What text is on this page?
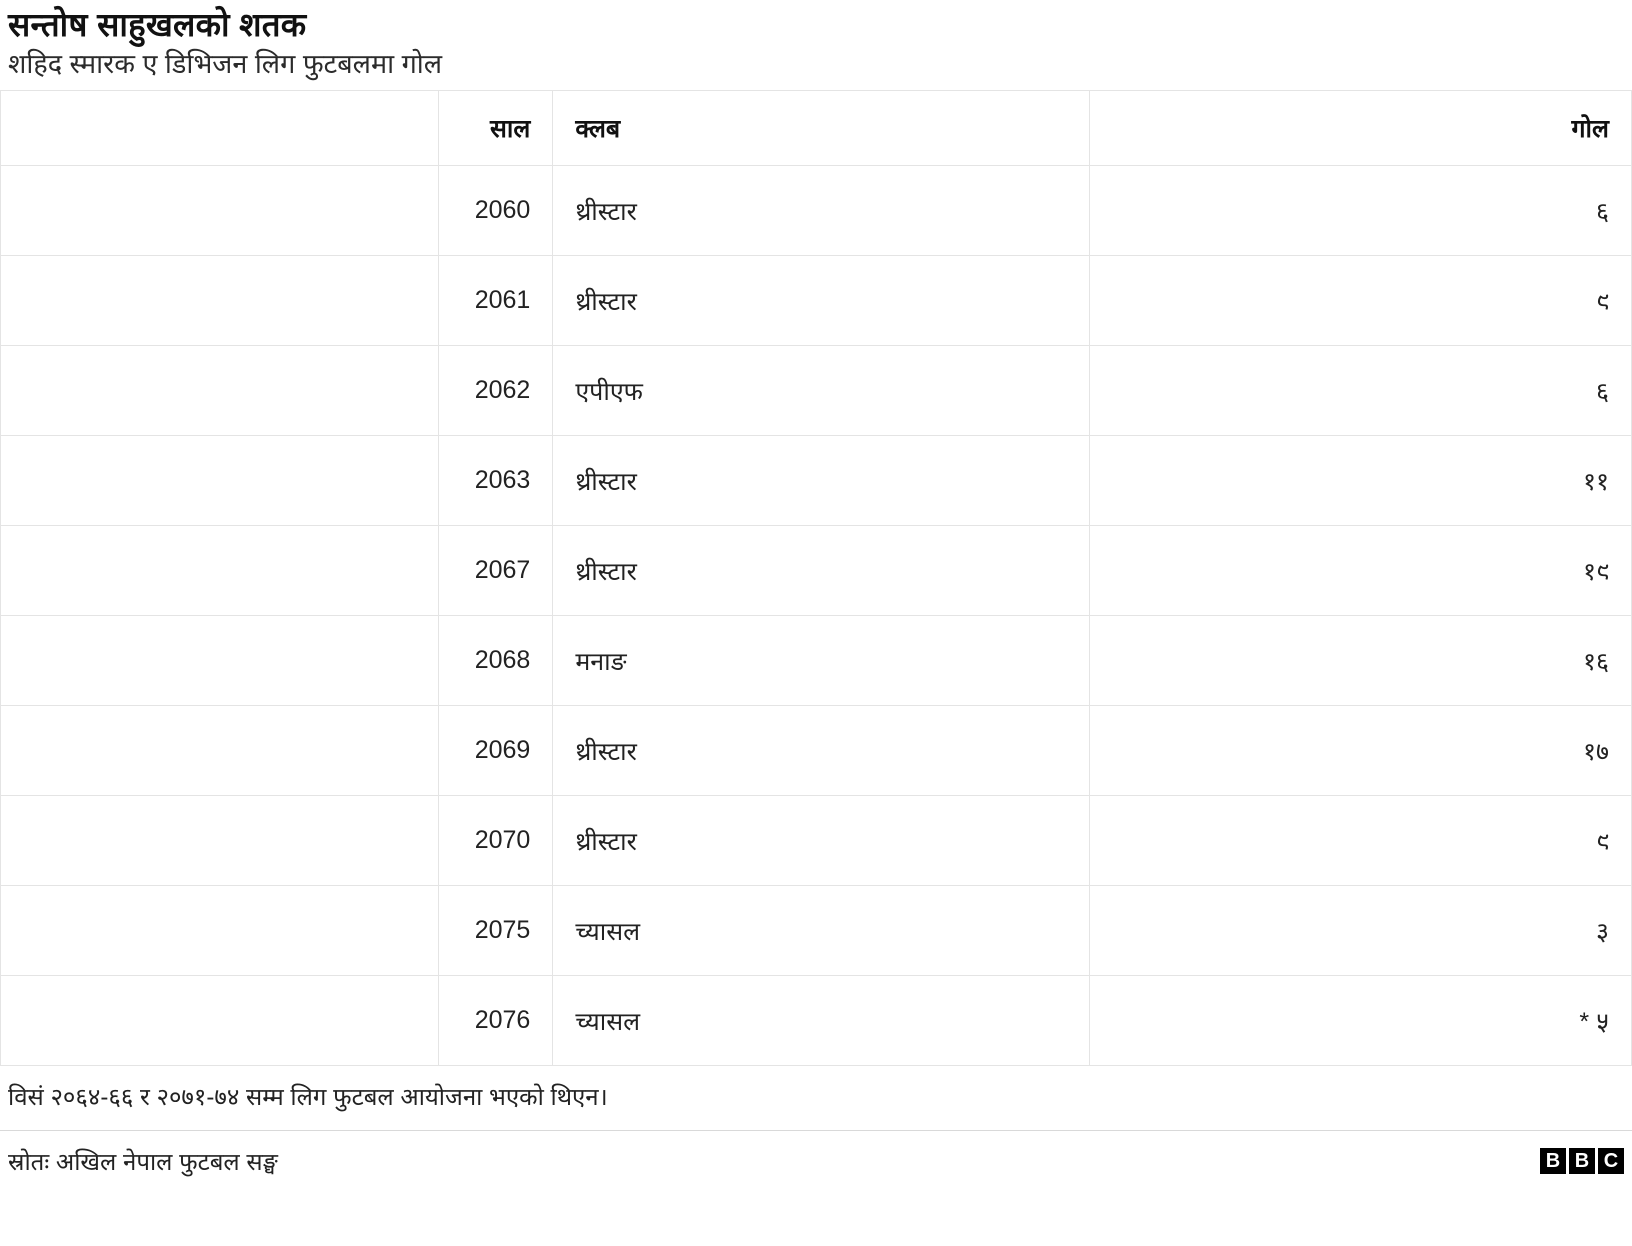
सन्तोष साहुखलको शतक
शहिद स्मारक ए डिभिजन लिग फुटबलमा गोल
	साल	क्लब		गोल
	2060	थ्रीस्टार		६
	2061	थ्रीस्टार		९
	2062	एपीएफ		६
	2063	थ्रीस्टार		११
	2067	थ्रीस्टार		१९
	2068	मनाङ		१६
	2069	थ्रीस्टार		१७
	2070	थ्रीस्टार		९
	2075	च्यासल		३
	2076	च्यासल		* ५
विसं २०६४-६६ र २०७१-७४ सम्म लिग फुटबल आयोजना भएको थिएन।
स्रोतः अखिल नेपाल फुटबल सङ्घ	B B C
